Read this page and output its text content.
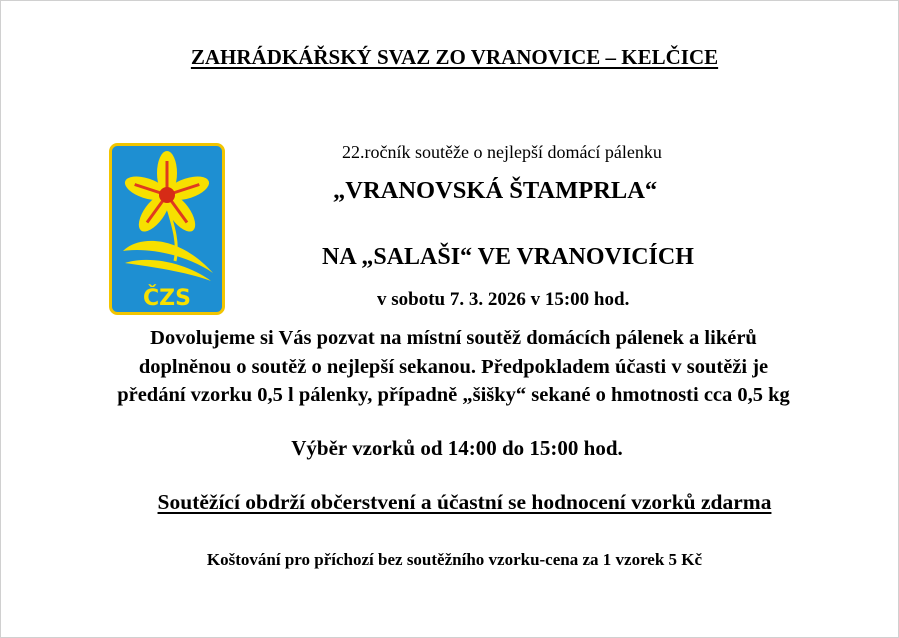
ZAHRÁDKÁŘSKÝ SVAZ ZO VRANOVICE – KELČICE
ČZS
22.ročník soutěže o nejlepší domácí pálenku
„VRANOVSKÁ ŠTAMPRLA“
NA „SALAŠI“ VE VRANOVICÍCH
v sobotu 7. 3. 2026 v 15:00 hod.
Dovolujeme si Vás pozvat na místní soutěž domácích pálenek a likérů
doplněnou o soutěž o nejlepší sekanou. Předpokladem účasti v soutěži je
předání vzorku 0,5 l pálenky, případně „šišky“ sekané o hmotnosti cca 0,5 kg
Výběr vzorků od 14:00 do 15:00 hod.
Soutěžící obdrží občerstvení a účastní se hodnocení vzorků zdarma
Koštování pro příchozí bez soutěžního vzorku-cena za 1 vzorek 5 Kč
